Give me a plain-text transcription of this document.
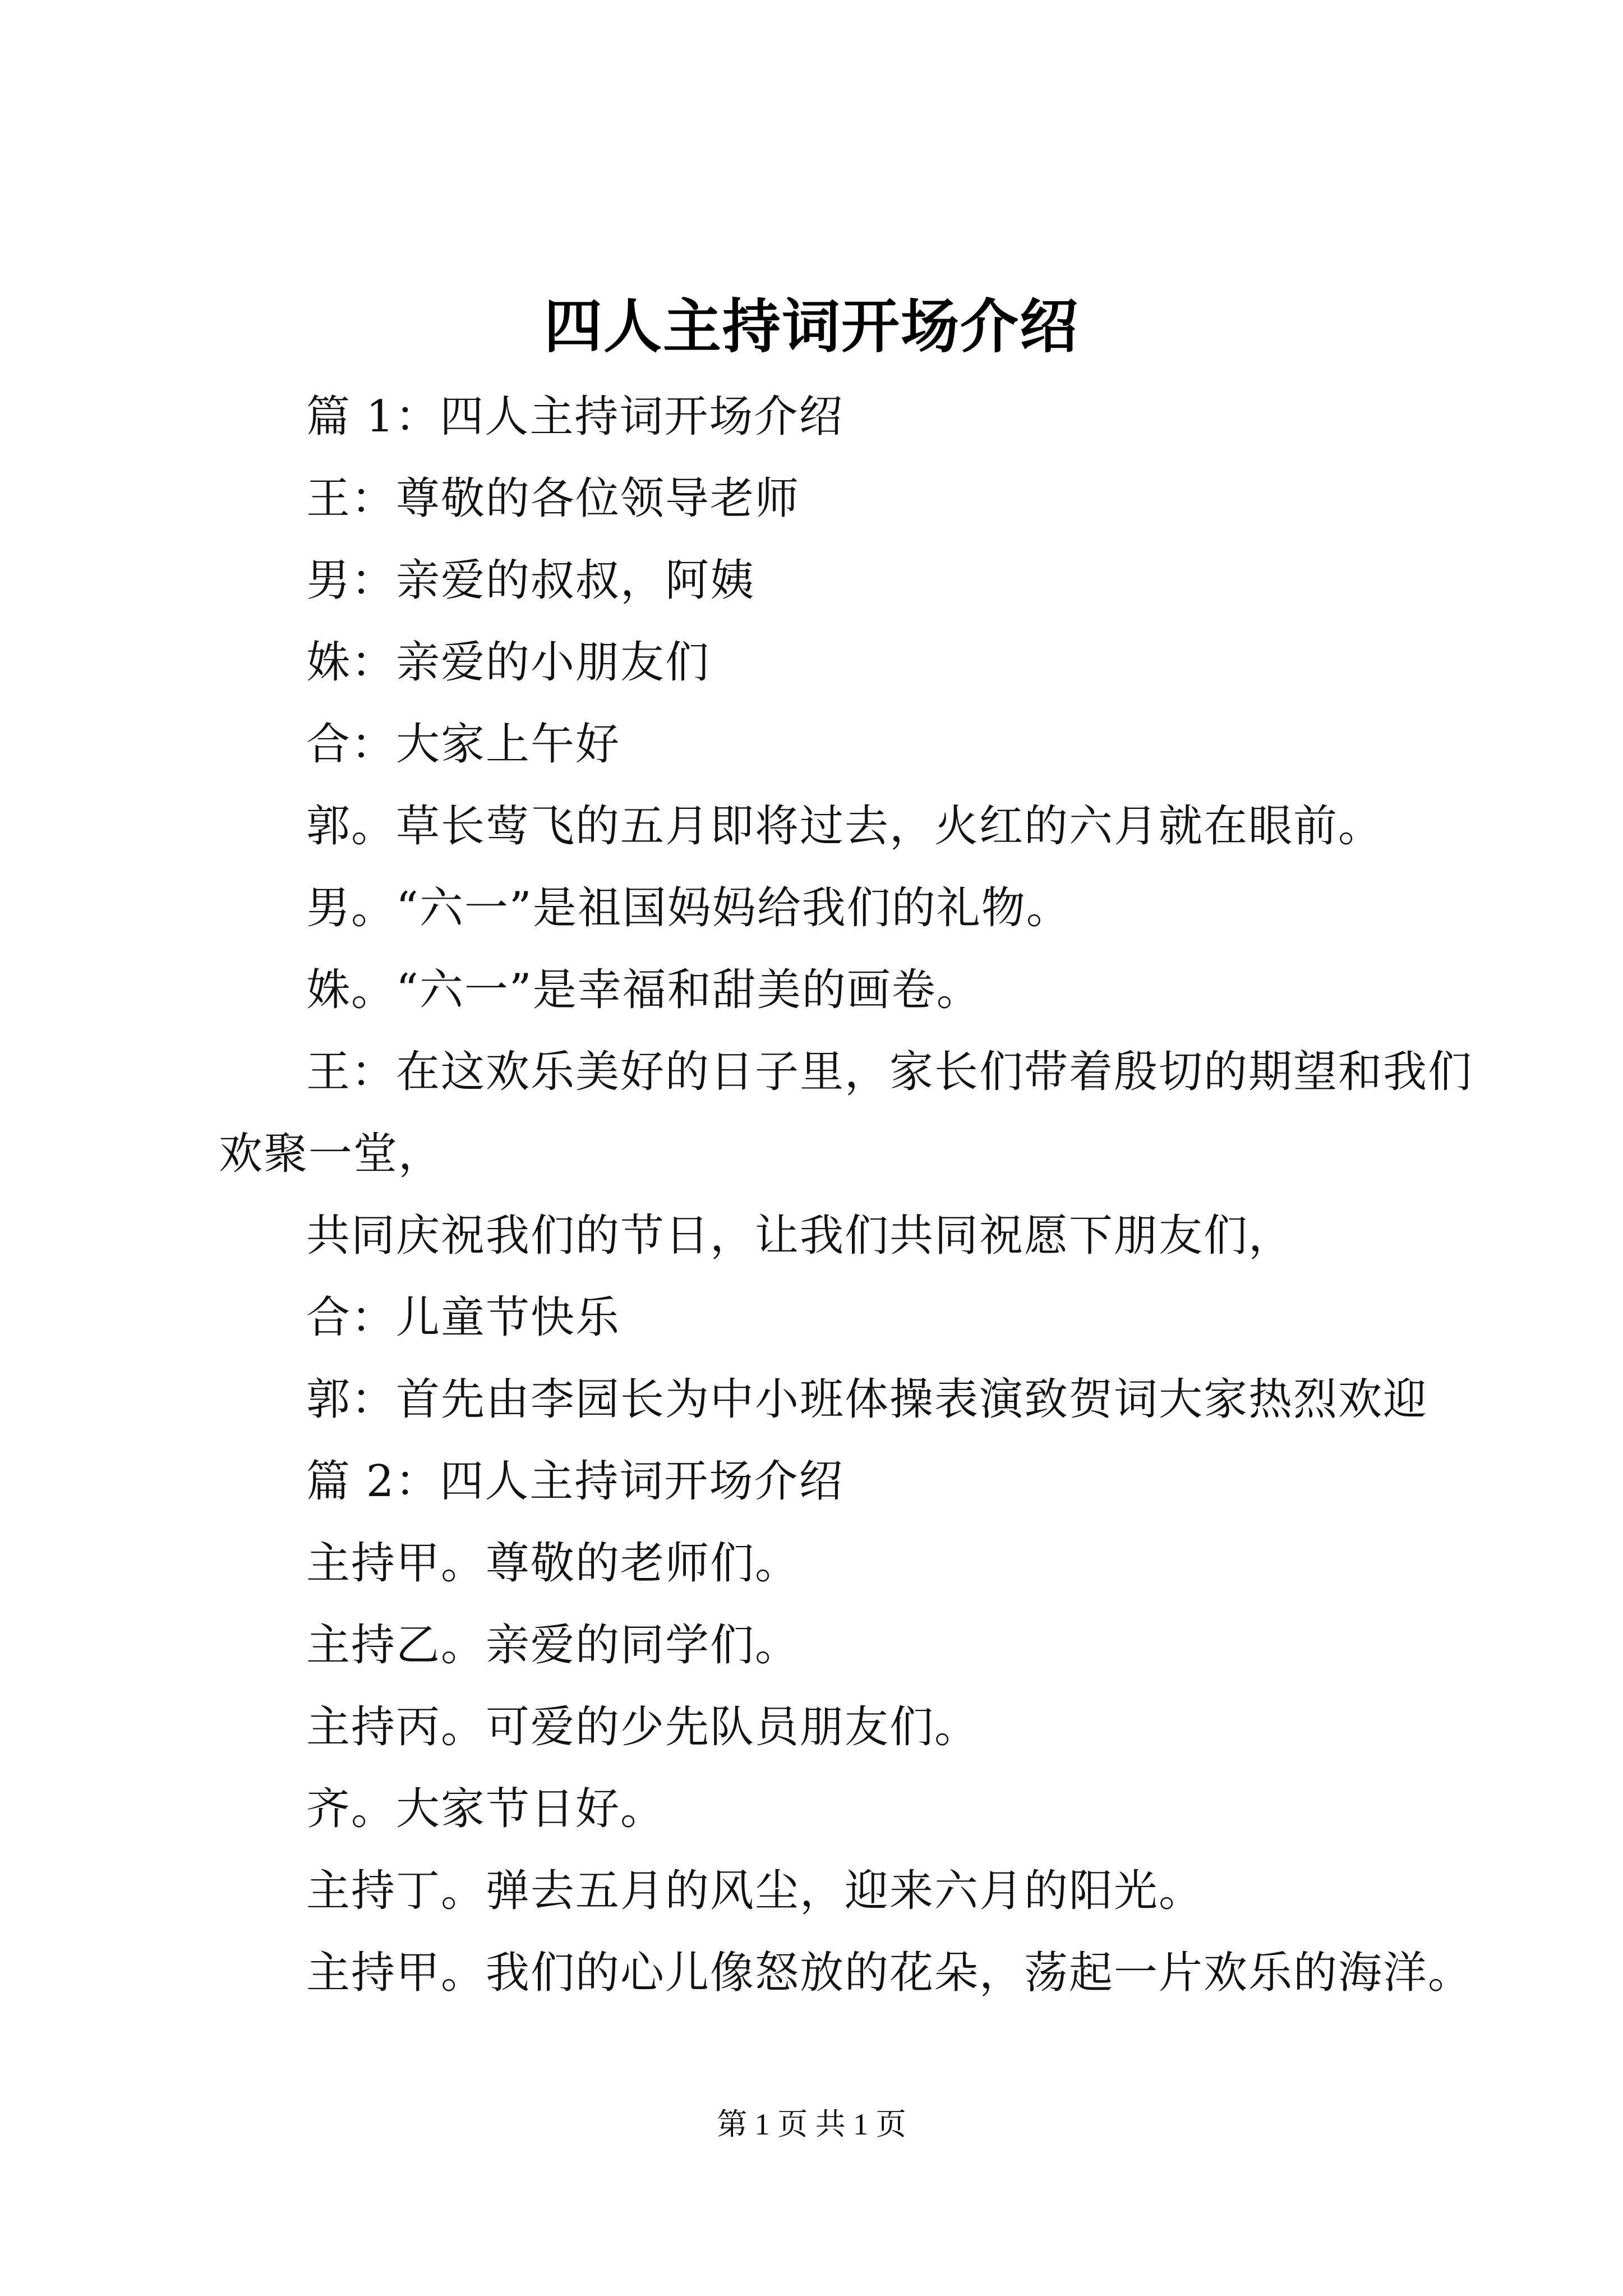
四人主持词开场介绍

篇 1：四人主持词开场介绍

王：尊敬的各位领导老师

男：亲爱的叔叔，阿姨

姝：亲爱的小朋友们

合：大家上午好

郭。草长莺飞的五月即将过去，火红的六月就在眼前。

男。“六一”是祖国妈妈给我们的礼物。

姝。“六一”是幸福和甜美的画卷。

王：在这欢乐美好的日子里，家长们带着殷切的期望和我们欢聚一堂，

共同庆祝我们的节日，让我们共同祝愿下朋友们，

合：儿童节快乐

郭：首先由李园长为中小班体操表演致贺词大家热烈欢迎

篇 2：四人主持词开场介绍

主持甲。尊敬的老师们。

主持乙。亲爱的同学们。

主持丙。可爱的少先队员朋友们。

齐。大家节日好。

主持丁。弹去五月的风尘，迎来六月的阳光。

主持甲。我们的心儿像怒放的花朵，荡起一片欢乐的海洋。

第 1 页 共 1 页
